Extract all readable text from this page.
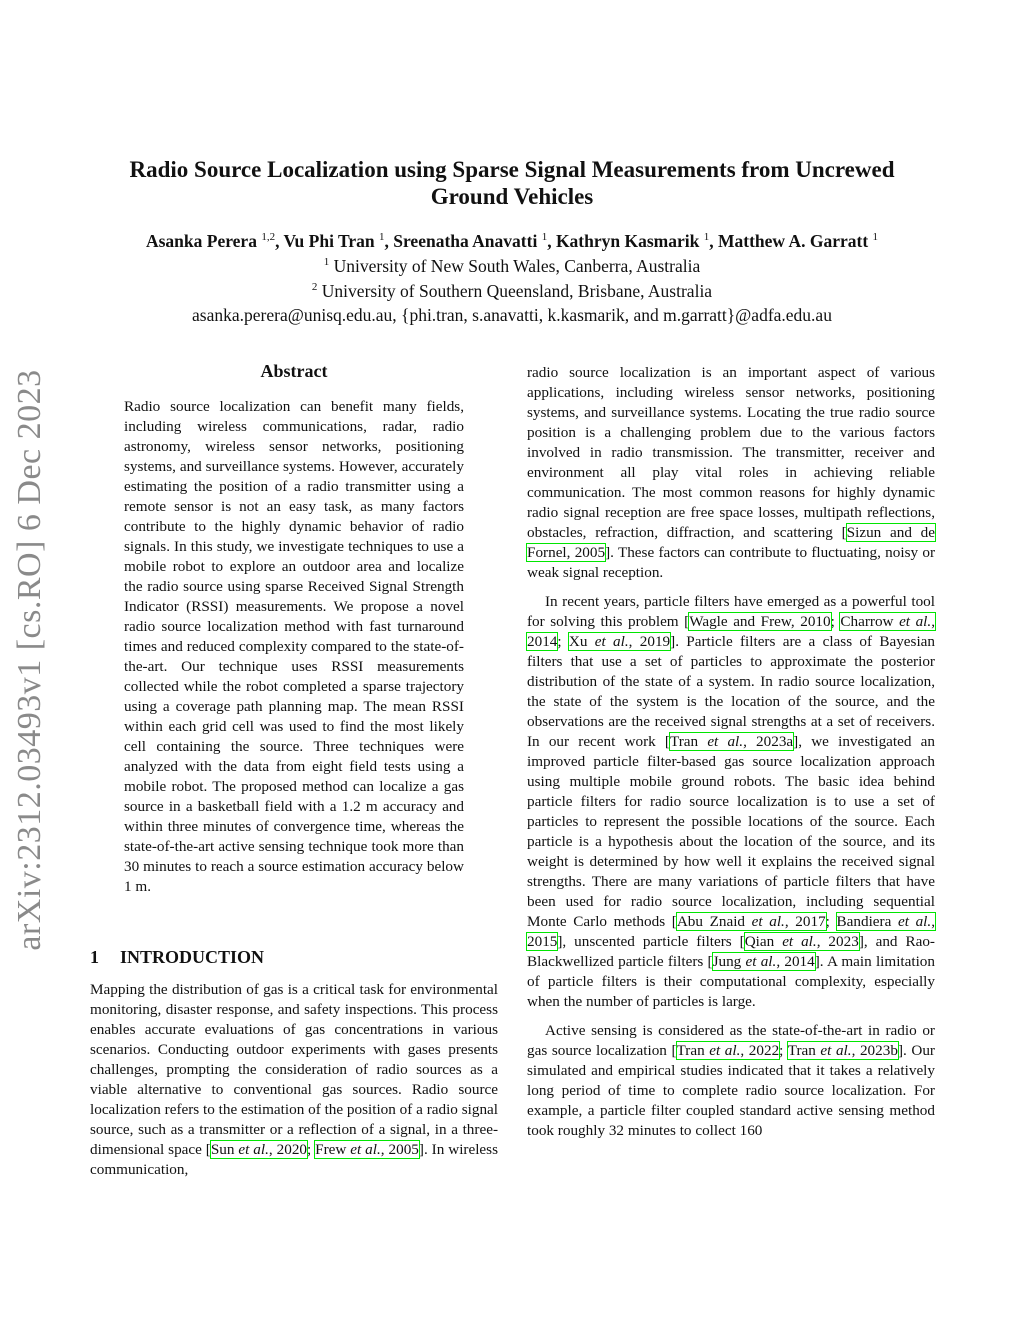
arXiv:2312.03493v1 [cs.RO] 6 Dec 2023
Radio Source Localization using Sparse Signal Measurements from Uncrewed
Ground Vehicles
Asanka Perera $^{1,2}$, Vu Phi Tran $^1$, Sreenatha Anavatti $^1$, Kathryn Kasmarik $^1$, Matthew A. Garratt $^1$
$^1$ University of New South Wales, Canberra, Australia
$^2$ University of Southern Queensland, Brisbane, Australia
asanka.perera@unisq.edu.au, {phi.tran, s.anavatti, k.kasmarik, and m.garratt}@adfa.edu.au
Abstract
Radio source localization can benefit many fields, including wireless communications, radar, radio astronomy, wireless sensor networks, positioning systems, and surveillance systems. However, accurately estimating the position of a radio transmitter using a remote sensor is not an easy task, as many factors contribute to the highly dynamic behavior of radio signals. In this study, we investigate techniques to use a mobile robot to explore an outdoor area and localize the radio source using sparse Received Signal Strength Indicator (RSSI) measurements. We propose a novel radio source localization method with fast turnaround times and reduced complexity compared to the state-of-the-art. Our technique uses RSSI measurements collected while the robot completed a sparse trajectory using a coverage path planning map. The mean RSSI within each grid cell was used to find the most likely cell containing the source. Three techniques were analyzed with the data from eight field tests using a mobile robot. The proposed method can localize a gas source in a basketball field with a 1.2 m accuracy and within three minutes of convergence time, whereas the state-of-the-art active sensing technique took more than 30 minutes to reach a source estimation accuracy below 1 m.
1 INTRODUCTION
Mapping the distribution of gas is a critical task for environmental monitoring, disaster response, and safety inspections. This process enables accurate evaluations of gas concentrations in various scenarios. Conducting outdoor experiments with gases presents challenges, prompting the consideration of radio sources as a viable alternative to conventional gas sources. Radio source localization refers to the estimation of the position of a radio signal source, such as a transmitter or a reflection of a signal, in a three-dimensional space [Sun et al., 2020; Frew et al., 2005]. In wireless communication,

radio source localization is an important aspect of various applications, including wireless sensor networks, positioning systems, and surveillance systems. Locating the true radio source position is a challenging problem due to the various factors involved in radio transmission. The transmitter, receiver and environment all play vital roles in achieving reliable communication. The most common reasons for highly dynamic radio signal reception are free space losses, multipath reflections, obstacles, refraction, diffraction, and scattering [Sizun and de Fornel, 2005]. These factors can contribute to fluctuating, noisy or weak signal reception.

In recent years, particle filters have emerged as a powerful tool for solving this problem [Wagle and Frew, 2010; Charrow et al., 2014; Xu et al., 2019]. Particle filters are a class of Bayesian filters that use a set of particles to approximate the posterior distribution of the state of a system. In radio source localization, the state of the system is the location of the source, and the observations are the received signal strengths at a set of receivers. In our recent work [Tran et al., 2023a], we investigated an improved particle filter-based gas source localization approach using multiple mobile ground robots. The basic idea behind particle filters for radio source localization is to use a set of particles to represent the possible locations of the source. Each particle is a hypothesis about the location of the source, and its weight is determined by how well it explains the received signal strengths. There are many variations of particle filters that have been used for radio source localization, including sequential Monte Carlo methods [Abu Znaid et al., 2017; Bandiera et al., 2015], unscented particle filters [Qian et al., 2023], and Rao-Blackwellized particle filters [Jung et al., 2014]. A main limitation of particle filters is their computational complexity, especially when the number of particles is large.

Active sensing is considered as the state-of-the-art in radio or gas source localization [Tran et al., 2022; Tran et al., 2023b]. Our simulated and empirical studies indicated that it takes a relatively long period of time to complete radio source localization. For example, a particle filter coupled standard active sensing method took roughly 32 minutes to collect 160
